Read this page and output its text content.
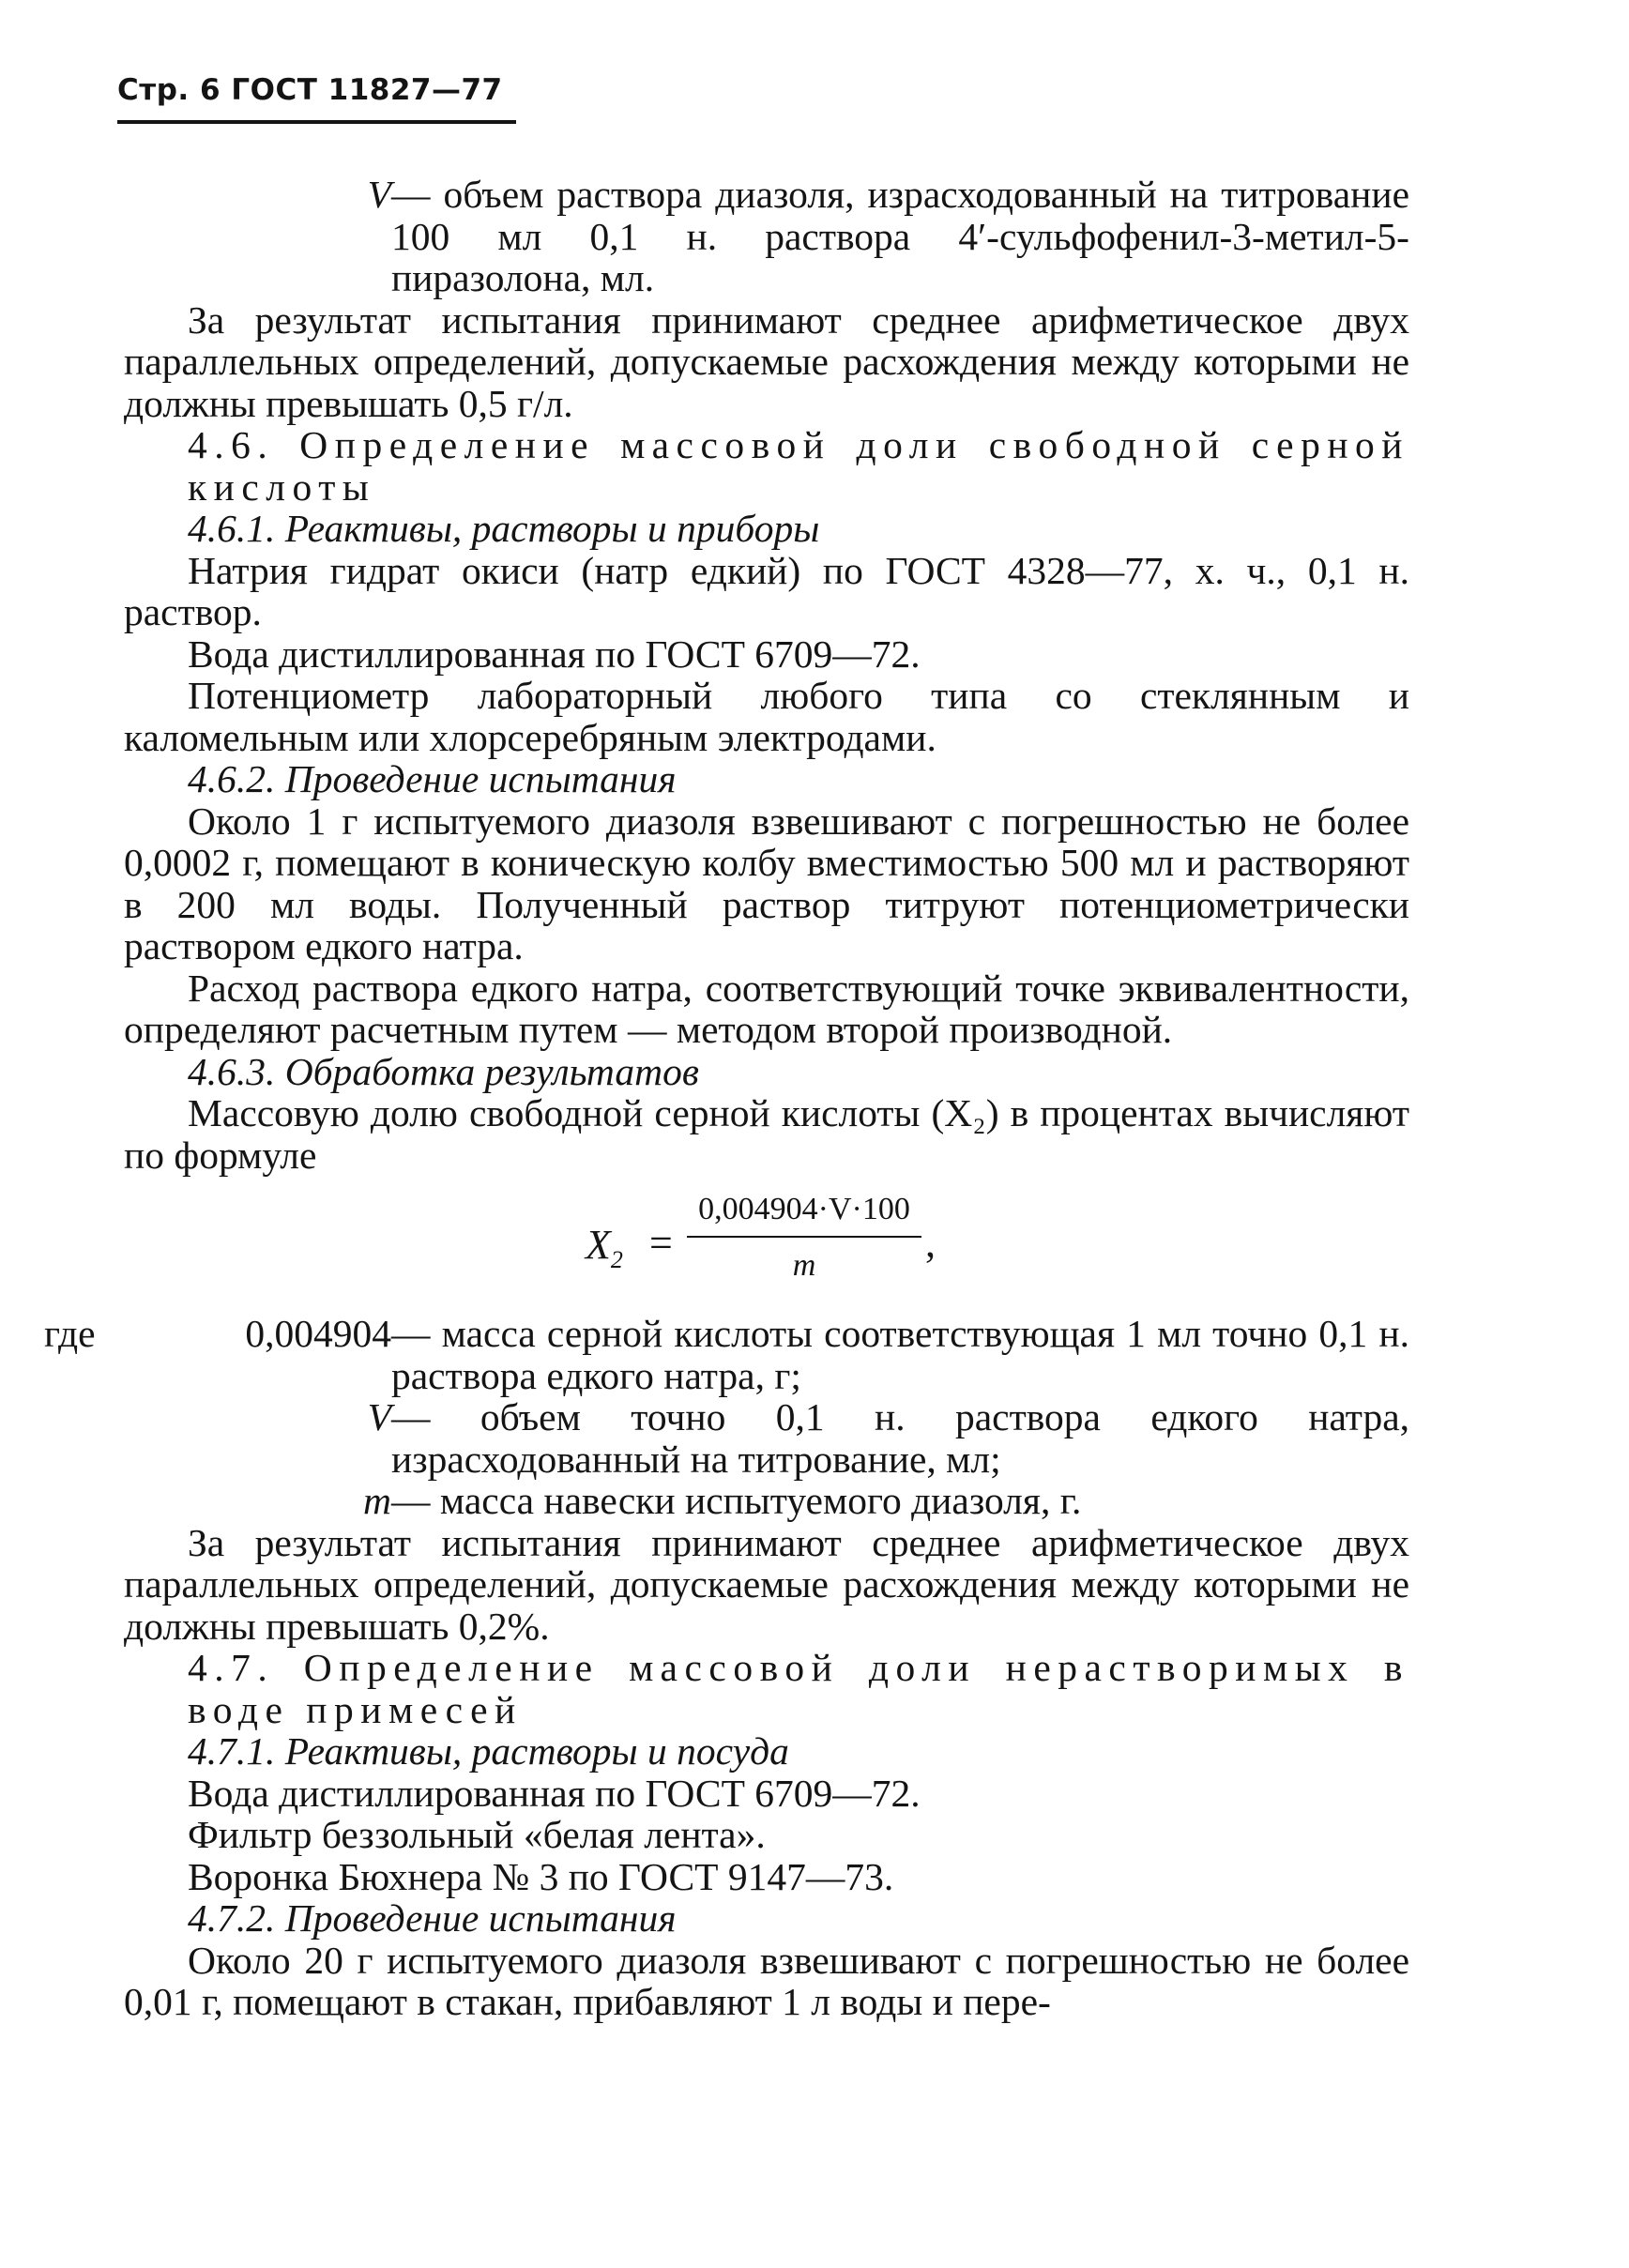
Стр. 6 ГОСТ 11827—77

V — объем раствора диазоля, израсходованный на титрование 100 мл 0,1 н. раствора 4′-сульфофенил-3-метил-5-пиразолона, мл.

За результат испытания принимают среднее арифметическое двух параллельных определений, допускаемые расхождения между которыми не должны превышать 0,5 г/л.

4.6. Определение массовой доли свободной серной кислоты

4.6.1. Реактивы, растворы и приборы

Натрия гидрат окиси (натр едкий) по ГОСТ 4328—77, х. ч., 0,1 н. раствор.

Вода дистиллированная по ГОСТ 6709—72.

Потенциометр лабораторный любого типа со стеклянным и каломельным или хлорсеребряным электродами.

4.6.2. Проведение испытания

Около 1 г испытуемого диазоля взвешивают с погрешностью не более 0,0002 г, помещают в коническую колбу вместимостью 500 мл и растворяют в 200 мл воды. Полученный раствор титруют потенциометрически раствором едкого натра.

Расход раствора едкого натра, соответствующий точке эквивалентности, определяют расчетным путем — методом второй производной.

4.6.3. Обработка результатов

Массовую долю свободной серной кислоты (X₂) в процентах вычисляют по формуле

$X_2$ =
0,004904·V·100
m	,

где	0,004904 — масса серной кислоты соответствующая 1 мл точно 0,1 н. раствора едкого натра, г;

V — объем точно 0,1 н. раствора едкого натра, израсходованный на титрование, мл;

m — масса навески испытуемого диазоля, г.

За результат испытания принимают среднее арифметическое двух параллельных определений, допускаемые расхождения между которыми не должны превышать 0,2%.

4.7. Определение массовой доли нерастворимых в воде примесей

4.7.1. Реактивы, растворы и посуда

Вода дистиллированная по ГОСТ 6709—72.

Фильтр беззольный «белая лента».

Воронка Бюхнера № 3 по ГОСТ 9147—73.

4.7.2. Проведение испытания

Около 20 г испытуемого диазоля взвешивают с погрешностью не более 0,01 г, помещают в стакан, прибавляют 1 л воды и пере-
